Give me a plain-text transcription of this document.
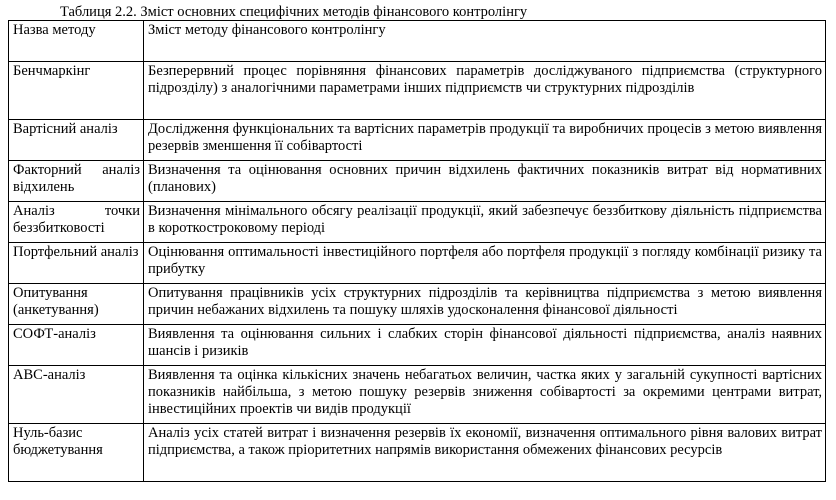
Таблиця 2.2. Зміст основних специфічних методів фінансового контролінгу
Назва методу	Зміст методу фінансового контролінгу
Бенчмаркінг	Безперервний процес порівняння фінансових параметрів досліджуваного підприємства (структурного підрозділу) з аналогічними параметрами інших підприємств чи структурних підрозділів
Вартісний аналіз	Дослідження функціональних та вартісних параметрів продукції та виробничих процесів з метою виявлення резервів зменшення її собівартості
Факторний аналіз відхилень	Визначення та оцінювання основних причин відхилень фактичних показників витрат від нормативних (планових)
Аналіз точки беззбитковості	Визначення мінімального обсягу реалізації продукції, який забезпечує беззбиткову діяльність підприємства в короткостроковому періоді
Портфельний аналіз	Оцінювання оптимальності інвестиційного портфеля або портфеля продукції з погляду комбінації ризику та прибутку
Опитування (анкетування)	Опитування працівників усіх структурних підрозділів та керівництва підприємства з метою виявлення причин небажаних відхилень та пошуку шляхів удосконалення фінансової діяльності
СОФТ-аналіз	Виявлення та оцінювання сильних і слабких сторін фінансової діяльності підприємства, аналіз наявних шансів і ризиків
АВС-аналіз	Виявлення та оцінка кількісних значень небагатьох величин, частка яких у загальній сукупності вартісних показників найбільша, з метою пошуку резервів зниження собівартості за окремими центрами витрат, інвестиційних проектів чи видів продукції
Нуль-базис бюджетування	Аналіз усіх статей витрат і визначення резервів їх економії, визначення оптимального рівня валових витрат підприємства, а також пріоритетних напрямів використання обмежених фінансових ресурсів
